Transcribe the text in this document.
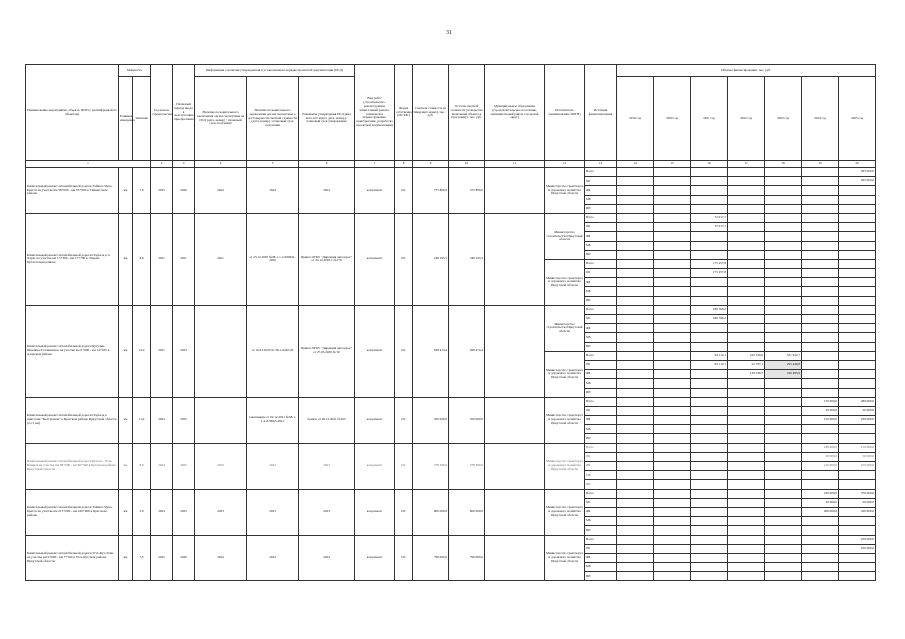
31
Наименование мероприятия, объекта, ПИР (с расшифровкой по объектам)	Мощность		Год начала строительства	Плановый период ввода в эксплуатацию/приобретения	Информация о наличии утвержденной в установленном порядке проектной документации (ПСД)			Вид работ (строительство, реконструкция, капитальный ремонт, техническое перевооружение, приобретение, разработка проектной документации)	Форма собственности (ОС/МС)	Сметная стоимость (в текущих ценах), тыс. руб.	Остаток сметной стоимости (за вычетом включения объекта в программу), тыс. руб.	Муниципальное образование (городской/сельское поселение, муниципальный район, городской округ)	Исполнитель (наименование ИОГВ)	Источник финансирования	Объемы финансирования, тыс. руб.						
	Единица измерения	Значение			Наличие положительного заключения органа экспертизы на ПСД (дата, номер) / плановый срок получения	Наличие положительного заключения органа экспертизы о достоверности сметной стоимости (дата, номер) / плановый срок получения	Реквизиты утверждения ПСД (вид акта, кто издал, дата, номер) / плановый срок утверждения								2019 год	2020 год	2021 год	2022 год	2023 год	2024 год	2025 год
1			2	3	4	5	6	7	8	9	10	11	12	13	14	15	16	17	18	19	20
Капитальный ремонт автомобильной дороги Тайшет-Чуна-Братск на участке км 58+000 - км 65+600 в Тайшетском районе	км	7,6	2025	2026	2024	2024	2024	кап.ремонт	ОС	575 800,0	575 800,0		Министерство транспорта и дорожного хозяйства Иркутской области	Всего							265 000,0
														ОБ							265 000,0
														ФБ							
														МБ							
														ИИ							
Капитальный ремонт автомобильной дороги Подъезд к п. Харат на участке км 13+300 - км 17+700 в Эхирит-Булагатском районе	км	4,6	2021	2021	2021	от 23.12.2020 №38-1-1-2-066641-2020	Приказ ОГКУ "Дирекция автодорог" от 24.12.2020 г. №179	кап.ремонт	ОС	248 165,5	248 165,5		Министерство строительства Иркутской области	Всего			72 917,7				
														ОБ			72 917,7				
														ФБ							
														МБ							
														ИИ							
													Министерство транспорта и дорожного хозяйства Иркутской области	Всего			175 257,8				
														ОБ			175 257,8				
														ФБ							
														МБ							
														ИИ							
Капитальный ремонт автомобильной дороги Кутулик-Шаьтяна-Головинское на участке км 0+000 - км 14+035 в Аларском районе	км	14,0	2021	2023		от 16.03.2020 № 38-1-0220-20	Приказ ОГКУ "Дирекция автодорог" от 27.03.2020 № 50	кап.ремонт	ОС	928 474,4	928 474,4		Министерство строительства Иркутской области	Всего			189 766,2				
														ОБ			189 766,2				
														ФБ							
														МБ							
														ИИ							
													Министерство транспорта и дорожного хозяйства Иркутской области	Всего			94 112,1	162 336,6	521 932,7		
														ОБ			94 112,1	22 787,1	295 446,8		
														ФБ				139 549,5	226 485,9		
														МБ							
														ИИ							
Капитальный ремонт автомобильной дороги Подъезд к пристани "Калтукская" в Братском районе Иркутской области (2-11 км)	км	11,0	2024	2025		заключение от 02.12.2021 №38-1-1-2-079065-2021	приказ от 06.12.2021 №165	кап.ремонт	ОС	450 000,0	450 000,0		Министерство транспорта и дорожного хозяйства Иркутской области	Всего						170 000,0	280 000,0
														ОБ						20 000,0	50 000,0
														ФБ						150 000,0	230 000,0
														МБ							
														ИИ							
Капитальный ремонт автомобильной дороги Братск - Усть-Илимск на участке км 58+500 - км 66+500 в Братском районе Иркутской области	км	8,0	2024	2025	2023	2023	2023	кап.ремонт	ОС	278 300,0	278 300,0		Министерство транспорта и дорожного хозяйства Иркутской области	Всего						238 000,0	150 000,0
														ОБ						28 000,0	50 000,0
														ФБ						210 000,0	100 000,0
														МБ							
														ИИ							
Капитальный ремонт автомобильной дороги Тайшет-Чуна-Братск на участке км 215+000 - км 220+000 в Братском районе	км	5,0	2024	2025	2023	2023	2023	кап.ремонт	ОС	600 000,0	600 000,0		Министерство транспорта и дорожного хозяйства Иркутской области	Всего						230 000,0	370 000,0
														ОБ						30 000,0	50 000,0
														ФБ						200 000,0	320 000,0
														МБ							
														ИИ							
Капитальный ремонт автомобильной дороги Усть-Кут-Уоян на участке км 0+000 - км 7+500 в Усть-Кутском районе Иркутской области	км	7,5	2025	2026	2024	2024	2024	кап.ремонт	ОС	790 000,0	790 000,0		Министерство транспорта и дорожного хозяйства Иркутской области	Всего							250 000,0
														ОБ							250 000,0
														ФБ							
														МБ							
														ИИ							
